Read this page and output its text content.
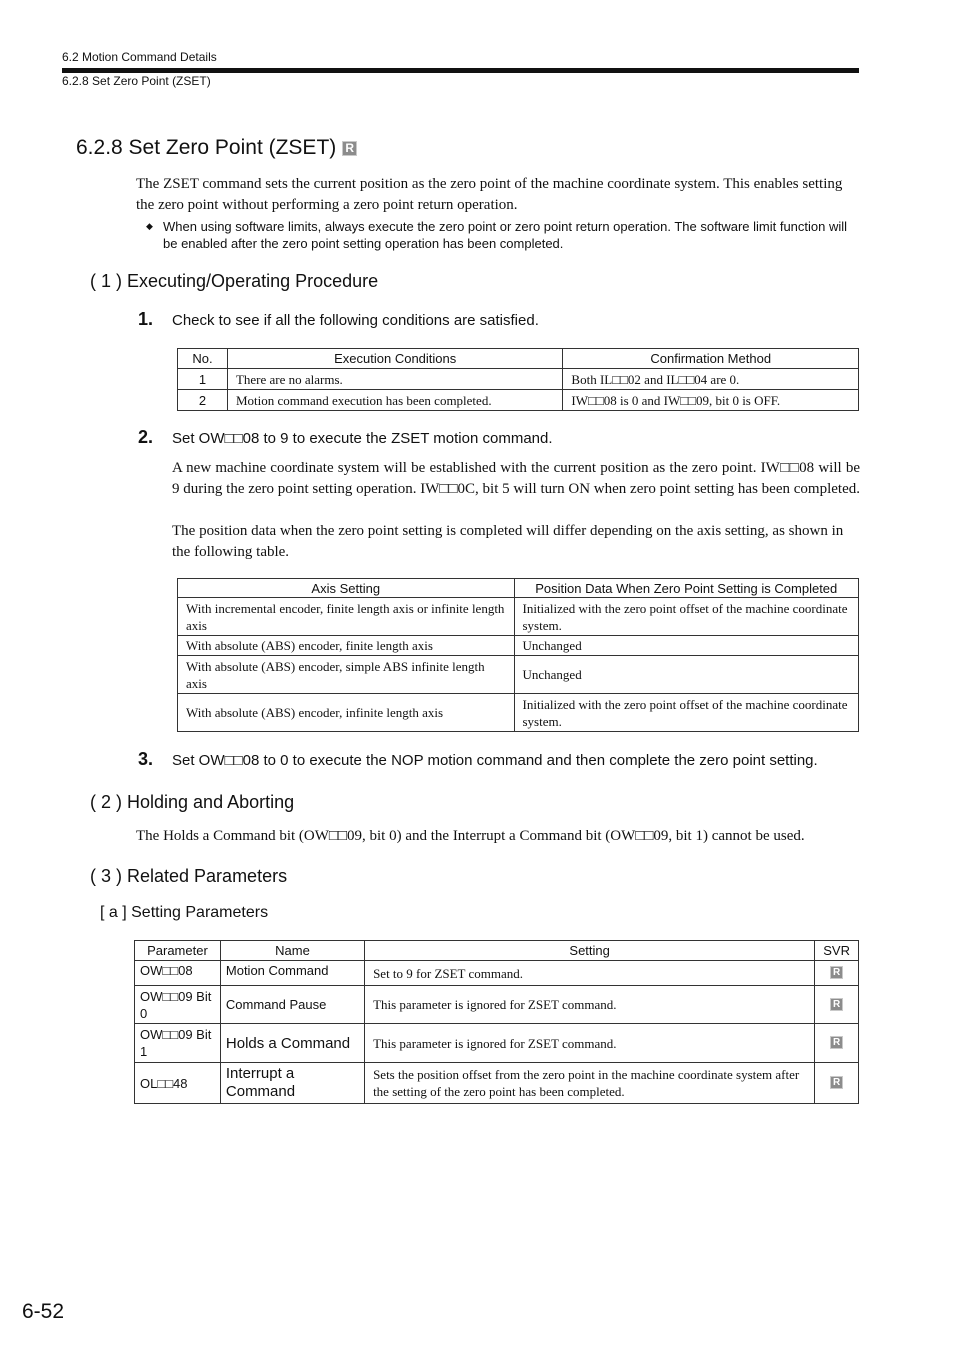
6.2 Motion Command Details
6.2.8 Set Zero Point (ZSET)
6.2.8 Set Zero Point (ZSET) R
The ZSET command sets the current position as the zero point of the machine coordinate system. This enables setting the zero point without performing a zero point return operation.
◆ When using software limits, always execute the zero point or zero point return operation. The software limit function will be enabled after the zero point setting operation has been completed.
( 1 ) Executing/Operating Procedure
1. Check to see if all the following conditions are satisfied.
No.	Execution Conditions	Confirmation Method
1	There are no alarms.	Both IL□□02 and IL□□04 are 0.
2	Motion command execution has been completed.	IW□□08 is 0 and IW□□09, bit 0 is OFF.
2. Set OW□□08 to 9 to execute the ZSET motion command.
A new machine coordinate system will be established with the current position as the zero point. IW□□08 will be 9 during the zero point setting operation. IW□□0C, bit 5 will turn ON when zero point setting has been completed.
The position data when the zero point setting is completed will differ depending on the axis setting, as shown in the following table.
Axis Setting	Position Data When Zero Point Setting is Completed
With incremental encoder, finite length axis or infinite length axis	Initialized with the zero point offset of the machine coordinate system.
With absolute (ABS) encoder, finite length axis	Unchanged
With absolute (ABS) encoder, simple ABS infinite length axis	Unchanged
With absolute (ABS) encoder, infinite length axis	Initialized with the zero point offset of the machine coordinate system.
3. Set OW□□08 to 0 to execute the NOP motion command and then complete the zero point setting.
( 2 ) Holding and Aborting
The Holds a Command bit (OW□□09, bit 0) and the Interrupt a Command bit (OW□□09, bit 1) cannot be used.
( 3 ) Related Parameters
[ a ] Setting Parameters
Parameter	Name	Setting	SVR
OW□□08	Motion Command	Set to 9 for ZSET command.	R
OW□□09 Bit 0	Command Pause	This parameter is ignored for ZSET command.	R
OW□□09 Bit 1	Holds a Command	This parameter is ignored for ZSET command.	R
OL□□48	Interrupt a Command	Sets the position offset from the zero point in the machine coordinate system after the setting of the zero point has been completed.	R
6-52
